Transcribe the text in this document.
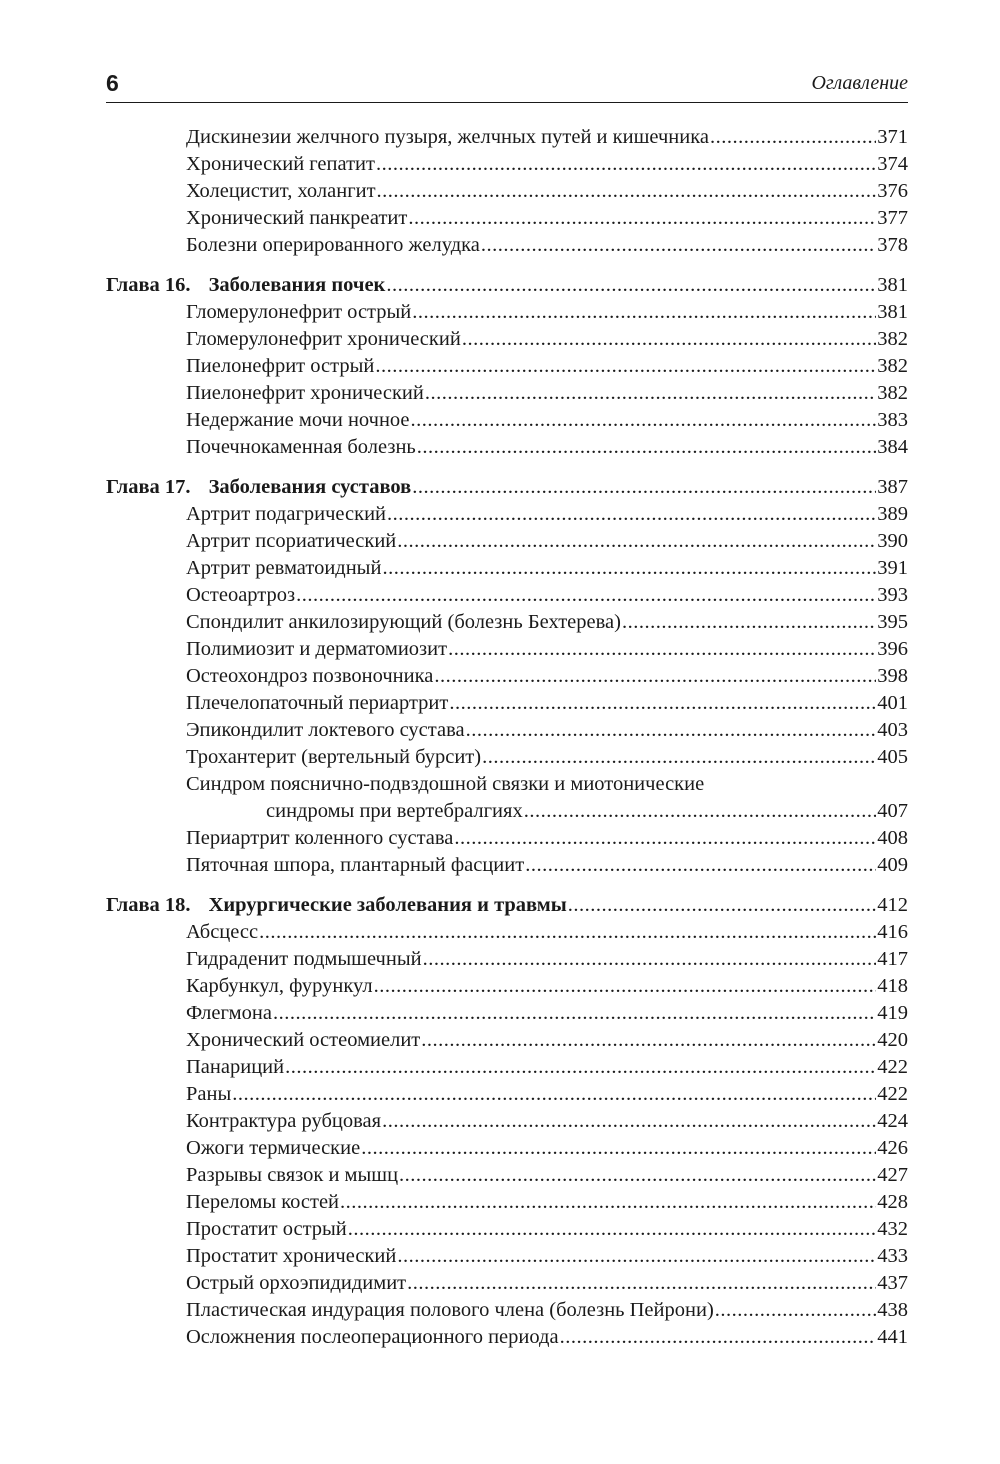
6	Оглавление
Дискинезии желчного пузыря, желчных путей и кишечника .....	371
Хронический гепатит .....	374
Холецистит, холангит .....	376
Хронический панкреатит .....	377
Болезни оперированного желудка .....	378
Глава 16. Заболевания почек .....	381
Гломерулонефрит острый .....	381
Гломерулонефрит хронический .....	382
Пиелонефрит острый .....	382
Пиелонефрит хронический .....	382
Недержание мочи ночное .....	383
Почечнокаменная болезнь .....	384
Глава 17. Заболевания суставов .....	387
Артрит подагрический .....	389
Артрит псориатический .....	390
Артрит ревматоидный .....	391
Остеоартроз .....	393
Спондилит анкилозирующий (болезнь Бехтерева) .....	395
Полимиозит и дерматомиозит .....	396
Остеохондроз позвоночника .....	398
Плечелопаточный периартрит .....	401
Эпикондилит локтевого сустава .....	403
Трохантерит (вертельный бурсит) .....	405
Синдром пояснично-подвздошной связки и миотонические
синдромы при вертебралгиях .....	407
Периартрит коленного сустава .....	408
Пяточная шпора, плантарный фасциит .....	409
Глава 18. Хирургические заболевания и травмы .....	412
Абсцесс .....	416
Гидраденит подмышечный .....	417
Карбункул, фурункул .....	418
Флегмона .....	419
Хронический остеомиелит .....	420
Панариций .....	422
Раны .....	422
Контрактура рубцовая .....	424
Ожоги термические .....	426
Разрывы связок и мышц .....	427
Переломы костей .....	428
Простатит острый .....	432
Простатит хронический .....	433
Острый орхоэпидидимит .....	437
Пластическая индурация полового члена (болезнь Пейрони) .....	438
Осложнения послеоперационного периода .....	441
